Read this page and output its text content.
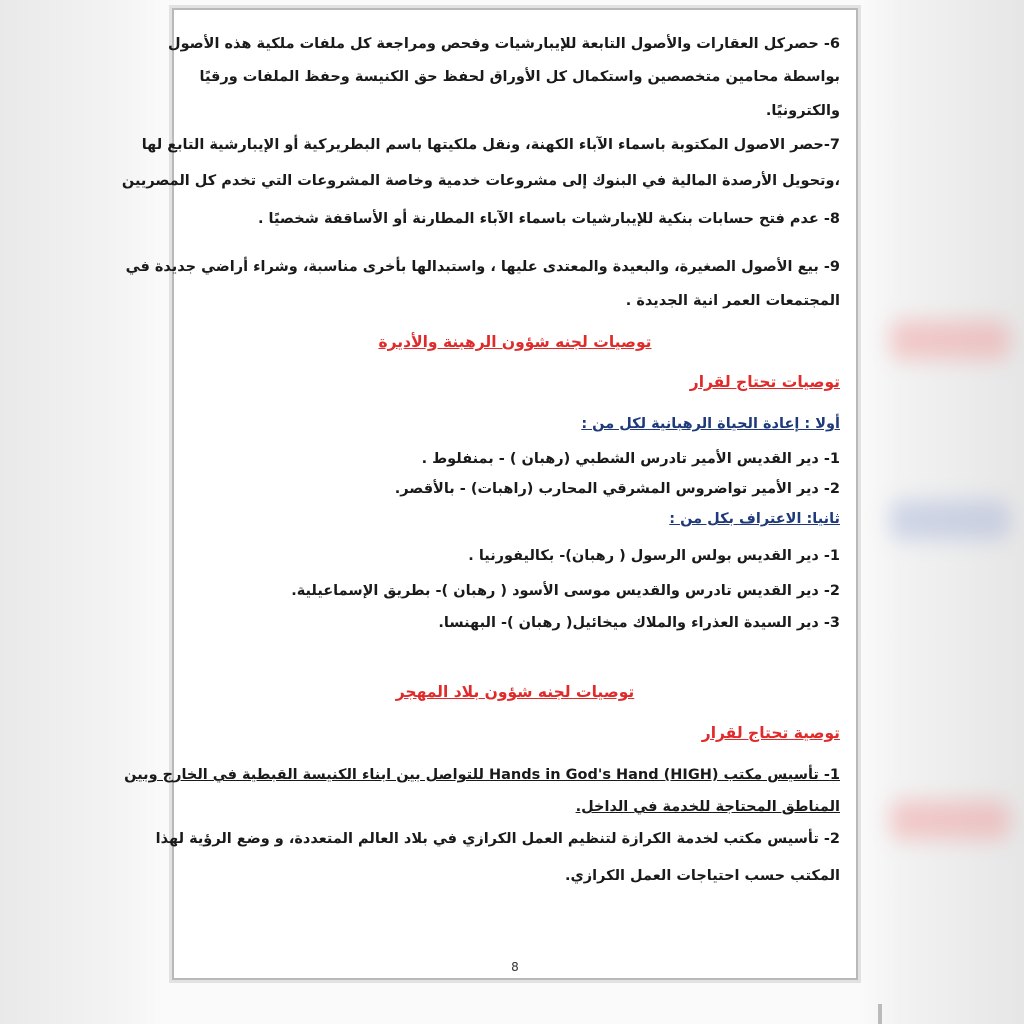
6- حصركل العقارات والأصول التابعة للإيبارشيات وفحص ومراجعة كل ملفات ملكية هذه الأصول
بواسطة محامين متخصصين واستكمال كل الأوراق لحفظ حق الكنيسة وحفظ الملفات ورقيًا
والكترونيًا.
7-حصر الاصول المكتوبة باسماء الآباء الكهنة، ونقل ملكيتها باسم البطريركية أو الإيبارشية التابع لها
،وتحويل الأرصدة المالية في البنوك إلى مشروعات خدمية وخاصة المشروعات التي تخدم كل المصريين
8- عدم فتح حسابات بنكية للإيبارشيات باسماء الآباء المطارنة أو الأساقفة شخصيًا .
9- بيع الأصول الصغيرة، والبعيدة والمعتدى عليها ، واستبدالها بأخرى مناسبة، وشراء أراضي جديدة في
المجتمعات العمر انية الجديدة .
توصيات لجنه شؤون الرهبنة والأديرة
توصيات تحتاج لقرار
أولا : إعادة الحياة الرهبانية لكل من :
1- دير القديس الأمير تادرس الشطبي (رهبان ) - بمنفلوط .
2- دير الأمير تواضروس المشرقي المحارب (راهبات) - بالأقصر.
ثانيا: الاعتراف بكل من :
1- دير القديس بولس الرسول ( رهبان)- بكاليفورنيا .
2- دير القديس تادرس والقديس موسى الأسود ( رهبان )- بطريق الإسماعيلية.
3- دير السيدة العذراء والملاك ميخائيل( رهبان )- البهنسا.
توصيات لجنه شؤون بلاد المهجر
توصية تحتاج لقرار
1- تأسيس مكتب Hands in God's Hand (HIGH) للتواصل بين ابناء الكنيسة القبطية في الخارج وبين
المناطق المحتاجة للخدمة في الداخل.
2- تأسيس مكتب لخدمة الكرازة لتنظيم العمل الكرازي في بلاد العالم المتعددة، و وضع الرؤية لهذا
المكتب حسب احتياجات العمل الكرازي.
8
